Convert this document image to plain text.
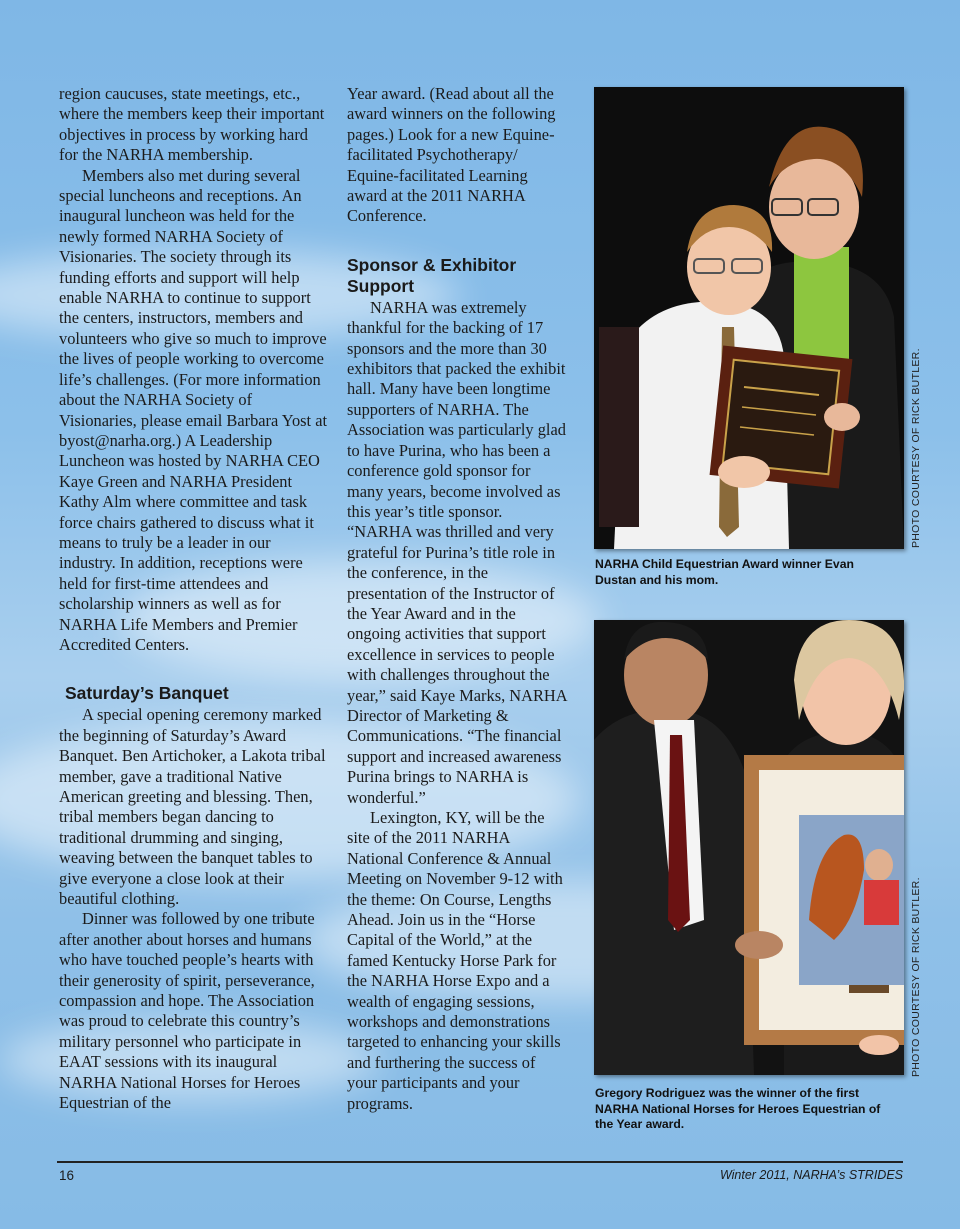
region caucuses, state meetings, etc., where the members keep their important objectives in process by working hard for the NARHA membership.

Members also met during several special luncheons and receptions. An inaugural luncheon was held for the newly formed NARHA Society of Visionaries. The society through its funding efforts and support will help enable NARHA to continue to support the centers, instructors, members and volunteers who give so much to improve the lives of people working to overcome life’s challenges. (For more information about the NARHA Society of Visionaries, please email Barbara Yost at byost@narha.org.) A Leadership Luncheon was hosted by NARHA CEO Kaye Green and NARHA President Kathy Alm where committee and task force chairs gathered to discuss what it means to truly be a leader in our industry. In addition, receptions were held for first-time attendees and scholarship winners as well as for NARHA Life Members and Premier Accredited Centers.

Saturday’s Banquet

A special opening ceremony marked the beginning of Saturday’s Award Banquet. Ben Artichoker, a Lakota tribal member, gave a traditional Native American greeting and blessing. Then, tribal members began dancing to traditional drumming and singing, weaving between the banquet tables to give everyone a close look at their beautiful clothing.

Dinner was followed by one tribute after another about horses and humans who have touched people’s hearts with their generosity of spirit, perseverance, compassion and hope. The Association was proud to celebrate this country’s military personnel who participate in EAAT sessions with its inaugural NARHA National Horses for Heroes Equestrian of the

Year award. (Read about all the award winners on the following pages.) Look for a new Equine-facilitated Psychotherapy/ Equine-facilitated Learning award at the 2011 NARHA Conference.

Sponsor & Exhibitor Support

NARHA was extremely thankful for the backing of 17 sponsors and the more than 30 exhibitors that packed the exhibit hall. Many have been longtime supporters of NARHA. The Association was particularly glad to have Purina, who has been a conference gold sponsor for many years, become involved as this year’s title sponsor. “NARHA was thrilled and very grateful for Purina’s title role in the conference, in the presentation of the Instructor of the Year Award and in the ongoing activities that support excellence in services to people with challenges throughout the year,” said Kaye Marks, NARHA Director of Marketing & Communications. “The financial support and increased awareness Purina brings to NARHA is wonderful.”

Lexington, KY, will be the site of the 2011 NARHA National Conference & Annual Meeting on November 9-12 with the theme: On Course, Lengths Ahead. Join us in the “Horse Capital of the World,” at the famed Kentucky Horse Park for the NARHA Horse Expo and a wealth of engaging sessions, workshops and demonstrations targeted to enhancing your skills and furthering the success of your participants and your programs.

PHOTO COURTESY OF RICK BUTLER.
NARHA Child Equestrian Award winner Evan Dustan and his mom.
PHOTO COURTESY OF RICK BUTLER.
Gregory Rodriguez was the winner of the first NARHA National Horses for Heroes Equestrian of the Year award.
16	Winter 2011, NARHA’s STRIDES
